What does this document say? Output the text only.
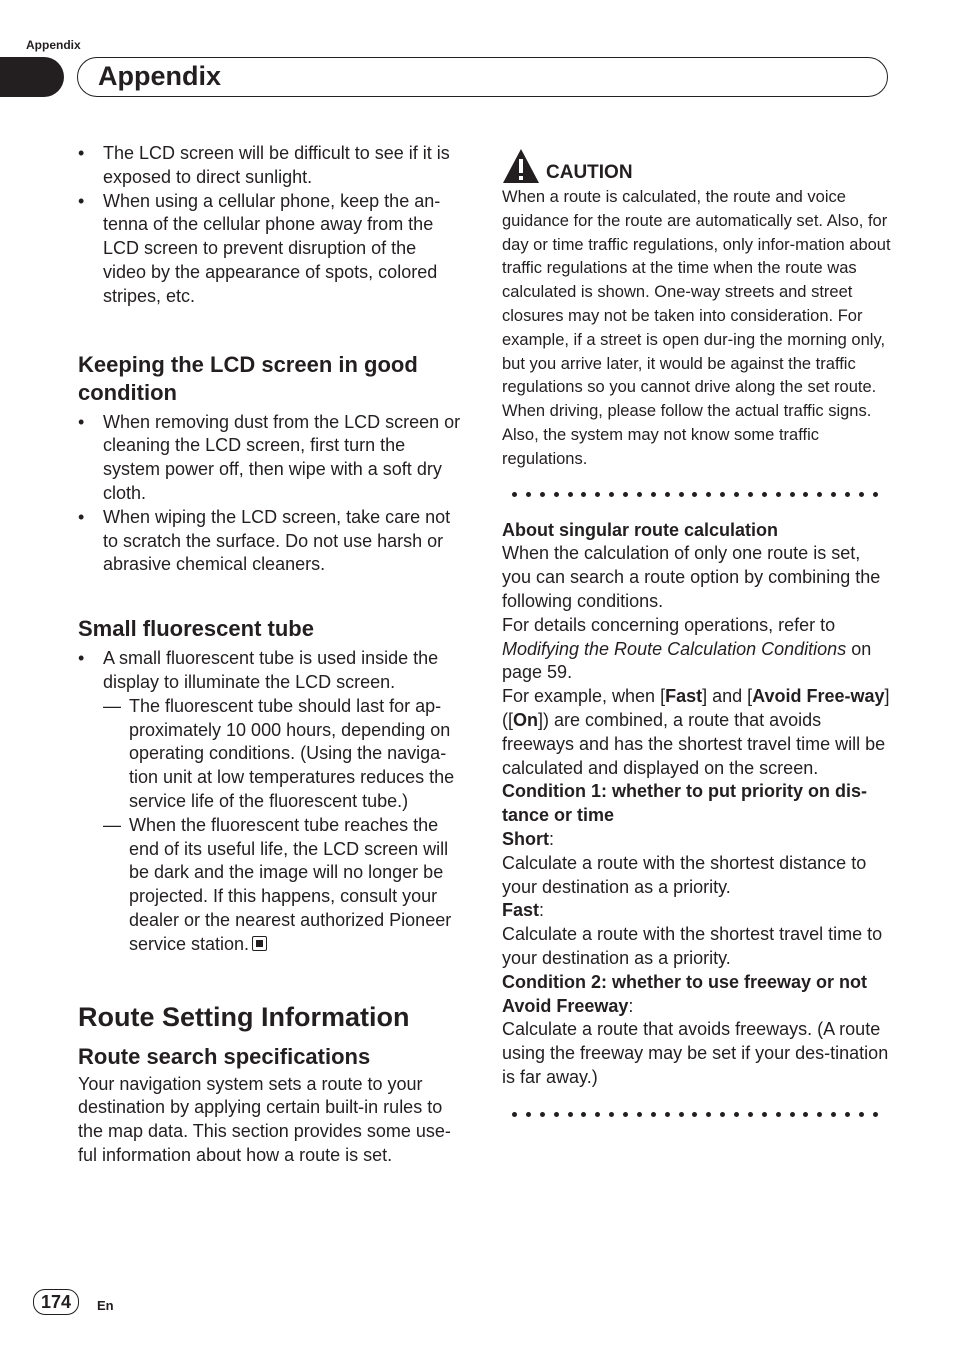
Appendix
Appendix
• The LCD screen will be difficult to see if it is exposed to direct sunlight.
• When using a cellular phone, keep the an-tenna of the cellular phone away from the LCD screen to prevent disruption of the video by the appearance of spots, colored stripes, etc.
Keeping the LCD screen in good condition
• When removing dust from the LCD screen or cleaning the LCD screen, first turn the system power off, then wipe with a soft dry cloth.
• When wiping the LCD screen, take care not to scratch the surface. Do not use harsh or abrasive chemical cleaners.
Small fluorescent tube
• A small fluorescent tube is used inside the display to illuminate the LCD screen.
— The fluorescent tube should last for ap-proximately 10 000 hours, depending on operating conditions. (Using the naviga-tion unit at low temperatures reduces the service life of the fluorescent tube.)
— When the fluorescent tube reaches the end of its useful life, the LCD screen will be dark and the image will no longer be projected. If this happens, consult your dealer or the nearest authorized Pioneer service station.
Route Setting Information
Route search specifications
Your navigation system sets a route to your destination by applying certain built-in rules to the map data. This section provides some use-ful information about how a route is set.
CAUTION
When a route is calculated, the route and voice guidance for the route are automatically set. Also, for day or time traffic regulations, only infor-mation about traffic regulations at the time when the route was calculated is shown. One-way streets and street closures may not be taken into consideration. For example, if a street is open dur-ing the morning only, but you arrive later, it would be against the traffic regulations so you cannot drive along the set route. When driving, please follow the actual traffic signs. Also, the system may not know some traffic regulations.
About singular route calculation
When the calculation of only one route is set, you can search a route option by combining the following conditions.
For details concerning operations, refer to Modifying the Route Calculation Conditions on page 59.
For example, when [Fast] and [Avoid Free-way] ([On]) are combined, a route that avoids freeways and has the shortest travel time will be calculated and displayed on the screen.
Condition 1: whether to put priority on dis-tance or time
Short:
Calculate a route with the shortest distance to your destination as a priority.
Fast:
Calculate a route with the shortest travel time to your destination as a priority.
Condition 2: whether to use freeway or not
Avoid Freeway:
Calculate a route that avoids freeways. (A route using the freeway may be set if your des-tination is far away.)
174	En
